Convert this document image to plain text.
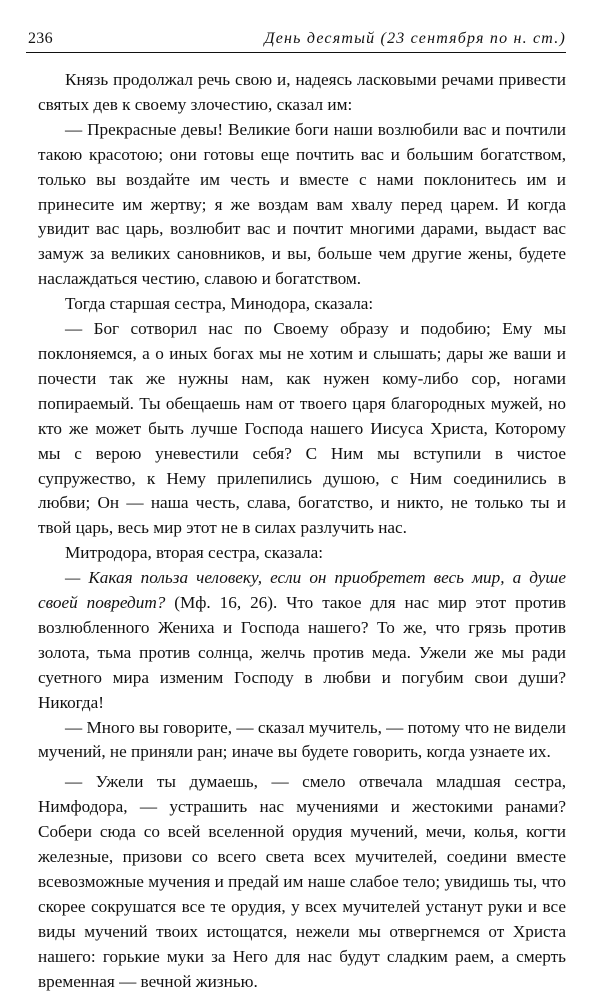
236	День десятый (23 сентября по н. ст.)

Князь продолжал речь свою и, надеясь ласковыми речами привести святых дев к своему злочестию, сказал им:

— Прекрасные девы! Великие боги наши возлюбили вас и почтили такою красотою; они готовы еще почтить вас и большим богатством, только вы воздайте им честь и вместе с нами поклонитесь им и принесите им жертву; я же воздам вам хвалу перед царем. И когда увидит вас царь, возлюбит вас и почтит многими дарами, выдаст вас замуж за великих сановников, и вы, больше чем другие жены, будете наслаждаться честию, славою и богатством.

Тогда старшая сестра, Минодора, сказала:

— Бог сотворил нас по Своему образу и подобию; Ему мы поклоняемся, а о иных богах мы не хотим и слышать; дары же ваши и почести так же нужны нам, как нужен кому-либо сор, ногами попираемый. Ты обещаешь нам от твоего царя благородных мужей, но кто же может быть лучше Господа нашего Иисуса Христа, Которому мы с верою уневестили себя? С Ним мы вступили в чистое супружество, к Нему прилепились душою, с Ним соединились в любви; Он — наша честь, слава, богатство, и никто, не только ты и твой царь, весь мир этот не в силах разлучить нас.

Митродора, вторая сестра, сказала:

— Какая польза человеку, если он приобретет весь мир, а душе своей повредит? (Мф. 16, 26). Что такое для нас мир этот против возлюбленного Жениха и Господа нашего? То же, что грязь против золота, тьма против солнца, желчь против меда. Ужели же мы ради суетного мира изменим Господу в любви и погубим свои души? Никогда!

— Много вы говорите, — сказал мучитель, — потому что не видели мучений, не приняли ран; иначе вы будете говорить, когда узнаете их.

— Ужели ты думаешь, — смело отвечала младшая сестра, Нимфодора, — устрашить нас мучениями и жестокими ранами? Собери сюда со всей вселенной орудия мучений, мечи, колья, когти железные, призови со всего света всех мучителей, соедини вместе всевозможные мучения и предай им наше слабое тело; увидишь ты, что скорее сокрушатся все те орудия, у всех мучителей устанут руки и все виды мучений твоих истощатся, нежели мы отвергнемся от Христа нашего: горькие муки за Него для нас будут сладким раем, а смерть временная — вечной жизнью.
